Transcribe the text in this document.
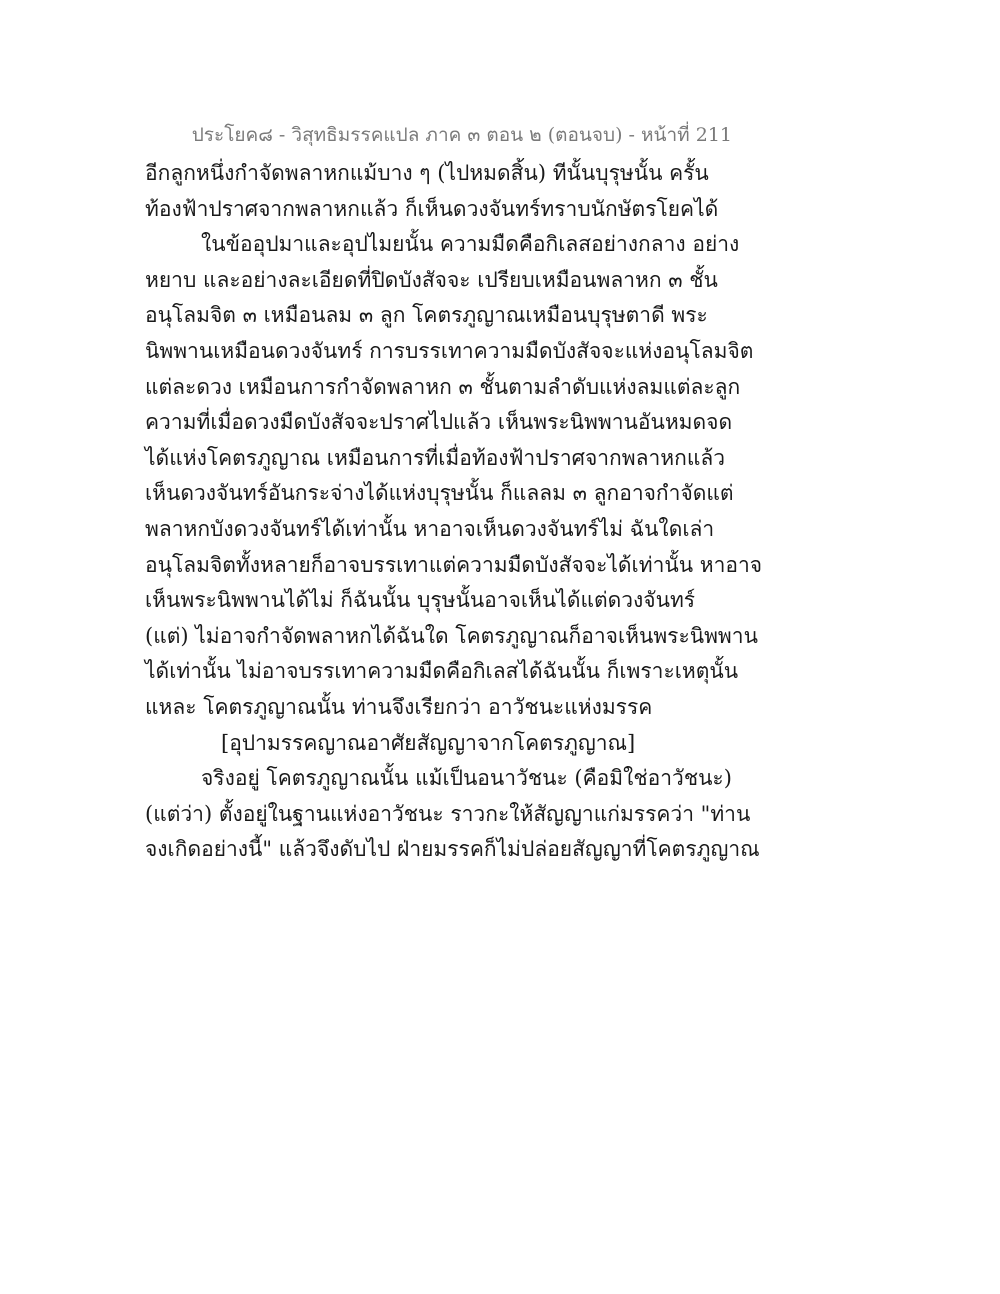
ประโยค๘ - วิสุทธิมรรคแปล ภาค ๓ ตอน ๒ (ตอนจบ) - หน้าที่ 211
อีกลูกหนึ่งกำจัดพลาหกแม้บาง ๆ (ไปหมดสิ้น) ทีนั้นบุรุษนั้น ครั้น
ท้องฟ้าปราศจากพลาหกแล้ว ก็เห็นดวงจันทร์ทราบนักษัตรโยคได้
ในข้ออุปมาและอุปไมยนั้น ความมืดคือกิเลสอย่างกลาง อย่าง
หยาบ และอย่างละเอียดที่ปิดบังสัจจะ เปรียบเหมือนพลาหก ๓ ชั้น
อนุโลมจิต ๓ เหมือนลม ๓ ลูก โคตรภูญาณเหมือนบุรุษตาดี พระ
นิพพานเหมือนดวงจันทร์ การบรรเทาความมืดบังสัจจะแห่งอนุโลมจิต
แต่ละดวง เหมือนการกำจัดพลาหก ๓ ชั้นตามลำดับแห่งลมแต่ละลูก
ความที่เมื่อดวงมืดบังสัจจะปราศไปแล้ว เห็นพระนิพพานอันหมดจด
ได้แห่งโคตรภูญาณ เหมือนการที่เมื่อท้องฟ้าปราศจากพลาหกแล้ว
เห็นดวงจันทร์อันกระจ่างได้แห่งบุรุษนั้น ก็แลลม ๓ ลูกอาจกำจัดแต่
พลาหกบังดวงจันทร์ได้เท่านั้น หาอาจเห็นดวงจันทร์ไม่ ฉันใดเล่า
อนุโลมจิตทั้งหลายก็อาจบรรเทาแต่ความมืดบังสัจจะได้เท่านั้น หาอาจ
เห็นพระนิพพานได้ไม่ ก็ฉันนั้น บุรุษนั้นอาจเห็นได้แต่ดวงจันทร์
(แต่) ไม่อาจกำจัดพลาหกได้ฉันใด โคตรภูญาณก็อาจเห็นพระนิพพาน
ได้เท่านั้น ไม่อาจบรรเทาความมืดคือกิเลสได้ฉันนั้น ก็เพราะเหตุนั้น
แหละ โคตรภูญาณนั้น ท่านจึงเรียกว่า อาวัชนะแห่งมรรค
[อุปามรรคญาณอาศัยสัญญาจากโคตรภูญาณ]
จริงอยู่ โคตรภูญาณนั้น แม้เป็นอนาวัชนะ (คือมิใช่อาวัชนะ)
(แต่ว่า) ตั้งอยู่ในฐานแห่งอาวัชนะ ราวกะให้สัญญาแก่มรรคว่า "ท่าน
จงเกิดอย่างนี้" แล้วจึงดับไป ฝ่ายมรรคก็ไม่ปล่อยสัญญาที่โคตรภูญาณ
